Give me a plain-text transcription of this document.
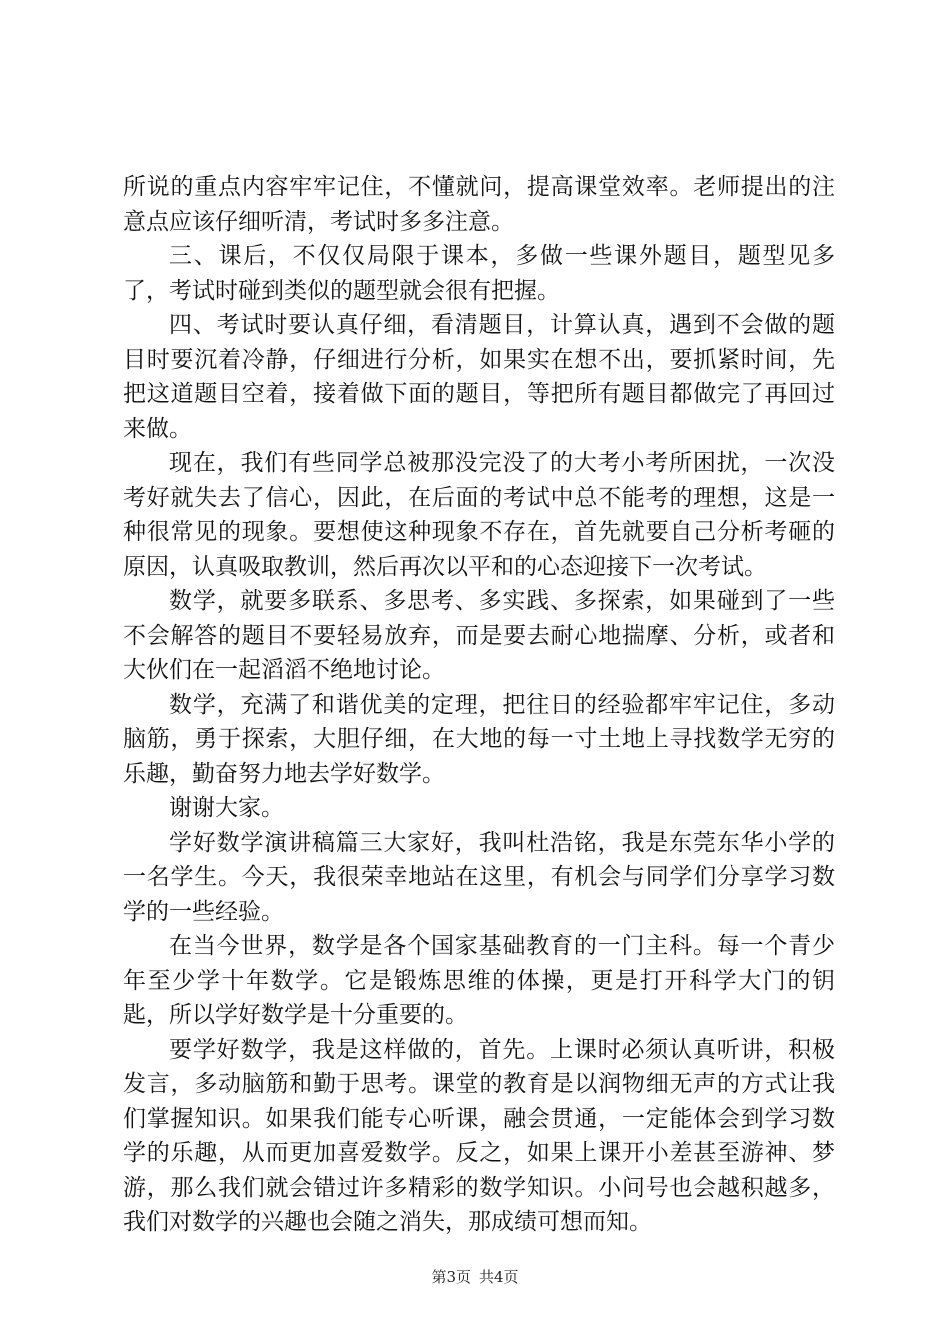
所说的重点内容牢牢记住，不懂就问，提高课堂效率。老师提出的注意点应该仔细听清，考试时多多注意。

三、课后，不仅仅局限于课本，多做一些课外题目，题型见多了，考试时碰到类似的题型就会很有把握。

四、考试时要认真仔细，看清题目，计算认真，遇到不会做的题目时要沉着冷静，仔细进行分析，如果实在想不出，要抓紧时间，先把这道题目空着，接着做下面的题目，等把所有题目都做完了再回过来做。

现在，我们有些同学总被那没完没了的大考小考所困扰，一次没考好就失去了信心，因此，在后面的考试中总不能考的理想，这是一种很常见的现象。要想使这种现象不存在，首先就要自己分析考砸的原因，认真吸取教训，然后再次以平和的心态迎接下一次考试。

数学，就要多联系、多思考、多实践、多探索，如果碰到了一些不会解答的题目不要轻易放弃，而是要去耐心地揣摩、分析，或者和大伙们在一起滔滔不绝地讨论。

数学，充满了和谐优美的定理，把往日的经验都牢牢记住，多动脑筋，勇于探索，大胆仔细，在大地的每一寸土地上寻找数学无穷的乐趣，勤奋努力地去学好数学。

谢谢大家。

学好数学演讲稿篇三大家好，我叫杜浩铭，我是东莞东华小学的一名学生。今天，我很荣幸地站在这里，有机会与同学们分享学习数学的一些经验。

在当今世界，数学是各个国家基础教育的一门主科。每一个青少年至少学十年数学。它是锻炼思维的体操，更是打开科学大门的钥匙，所以学好数学是十分重要的。

要学好数学，我是这样做的，首先。上课时必须认真听讲，积极发言，多动脑筋和勤于思考。课堂的教育是以润物细无声的方式让我们掌握知识。如果我们能专心听课，融会贯通，一定能体会到学习数学的乐趣，从而更加喜爱数学。反之，如果上课开小差甚至游神、梦游，那么我们就会错过许多精彩的数学知识。小问号也会越积越多，我们对数学的兴趣也会随之消失，那成绩可想而知。

第3页 共4页
